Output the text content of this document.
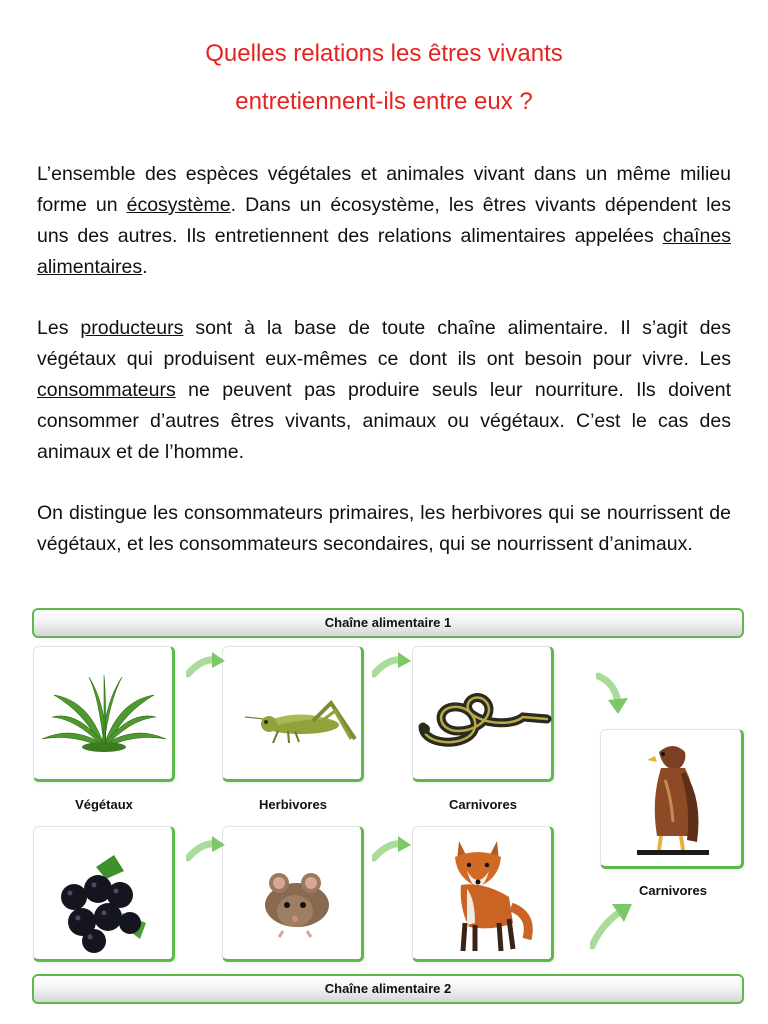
Quelles relations les êtres vivants
entretiennent-ils entre eux ?

L’ensemble des espèces végétales et animales vivant dans un même milieu forme un écosystème. Dans un écosystème, les êtres vivants dépendent les uns des autres. Ils entretiennent des relations alimentaires appelées chaînes alimentaires.

Les producteurs sont à la base de toute chaîne alimentaire. Il s’agit des végétaux qui produisent eux-mêmes ce dont ils ont besoin pour vivre. Les consommateurs ne peuvent pas produire seuls leur nourriture. Ils doivent consommer d’autres êtres vivants, animaux ou végétaux. C’est le cas des animaux et de l’homme.

On distingue les consommateurs primaires, les herbivores qui se nourrissent de végétaux, et les consommateurs secondaires, qui se nourrissent d’animaux.

Chaîne alimentaire 1
Végétaux	Herbivores	Carnivores
Carnivores
Chaîne alimentaire 2
